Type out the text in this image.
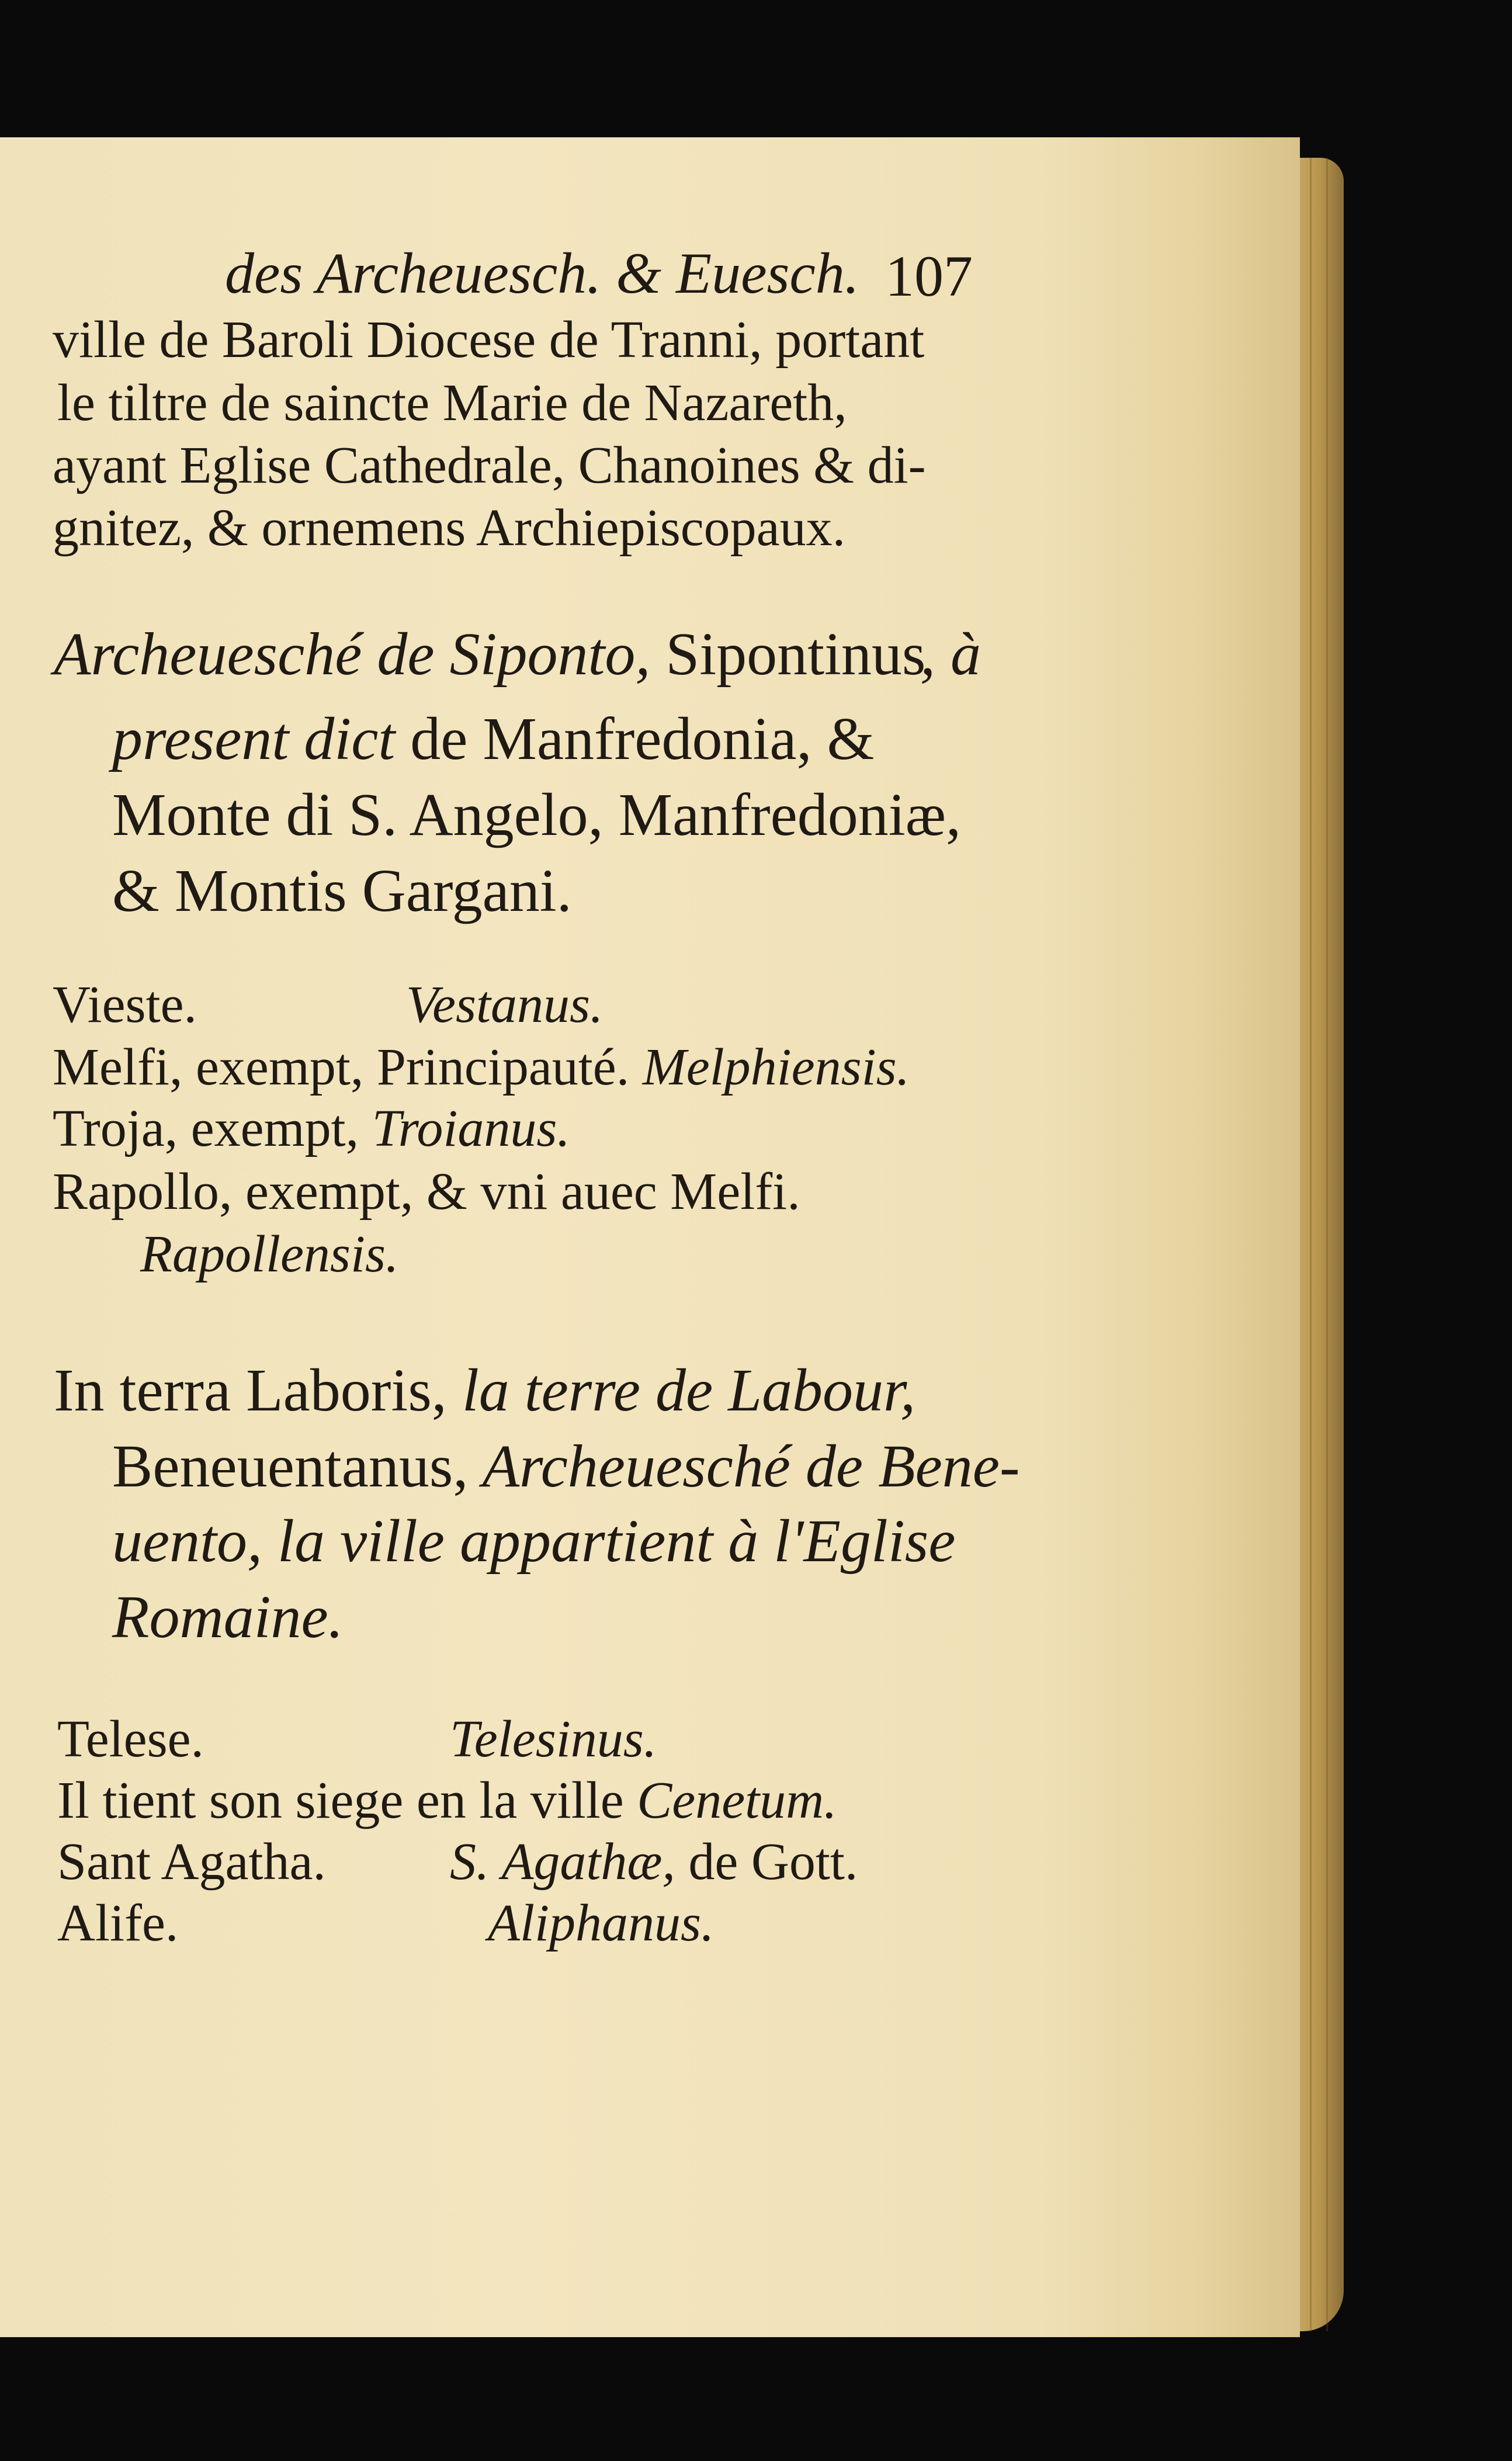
des Archeuesch. & Euesch. 107
ville de Baroli Diocese de Tranni, portant
le tiltre de saincte Marie de Nazareth,
ayant Eglise Cathedrale, Chanoines & di-
gnitez, & ornemens Archiepiscopaux.
Archeuesché de Siponto, Sipontinus
, à
present dict de Manfredonia, &
Monte di S. Angelo, Manfredoniæ,
& Montis Gargani.
Vieste.	Vestanus.
Melfi, exempt, Principauté. Melphiensis.
Troja, exempt, Troianus.
Rapollo, exempt, & vni auec Melfi.
Rapollensis.
In terra Laboris, la terre de Labour,
Beneuentanus, Archeuesché de Bene-
uento, la ville appartient à l'Eglise
Romaine.
Telese.	Telesinus.
Il tient son siege en la ville Cenetum.
Sant Agatha. S. Agathæ, de Gott.
Alife.	Aliphanus.
